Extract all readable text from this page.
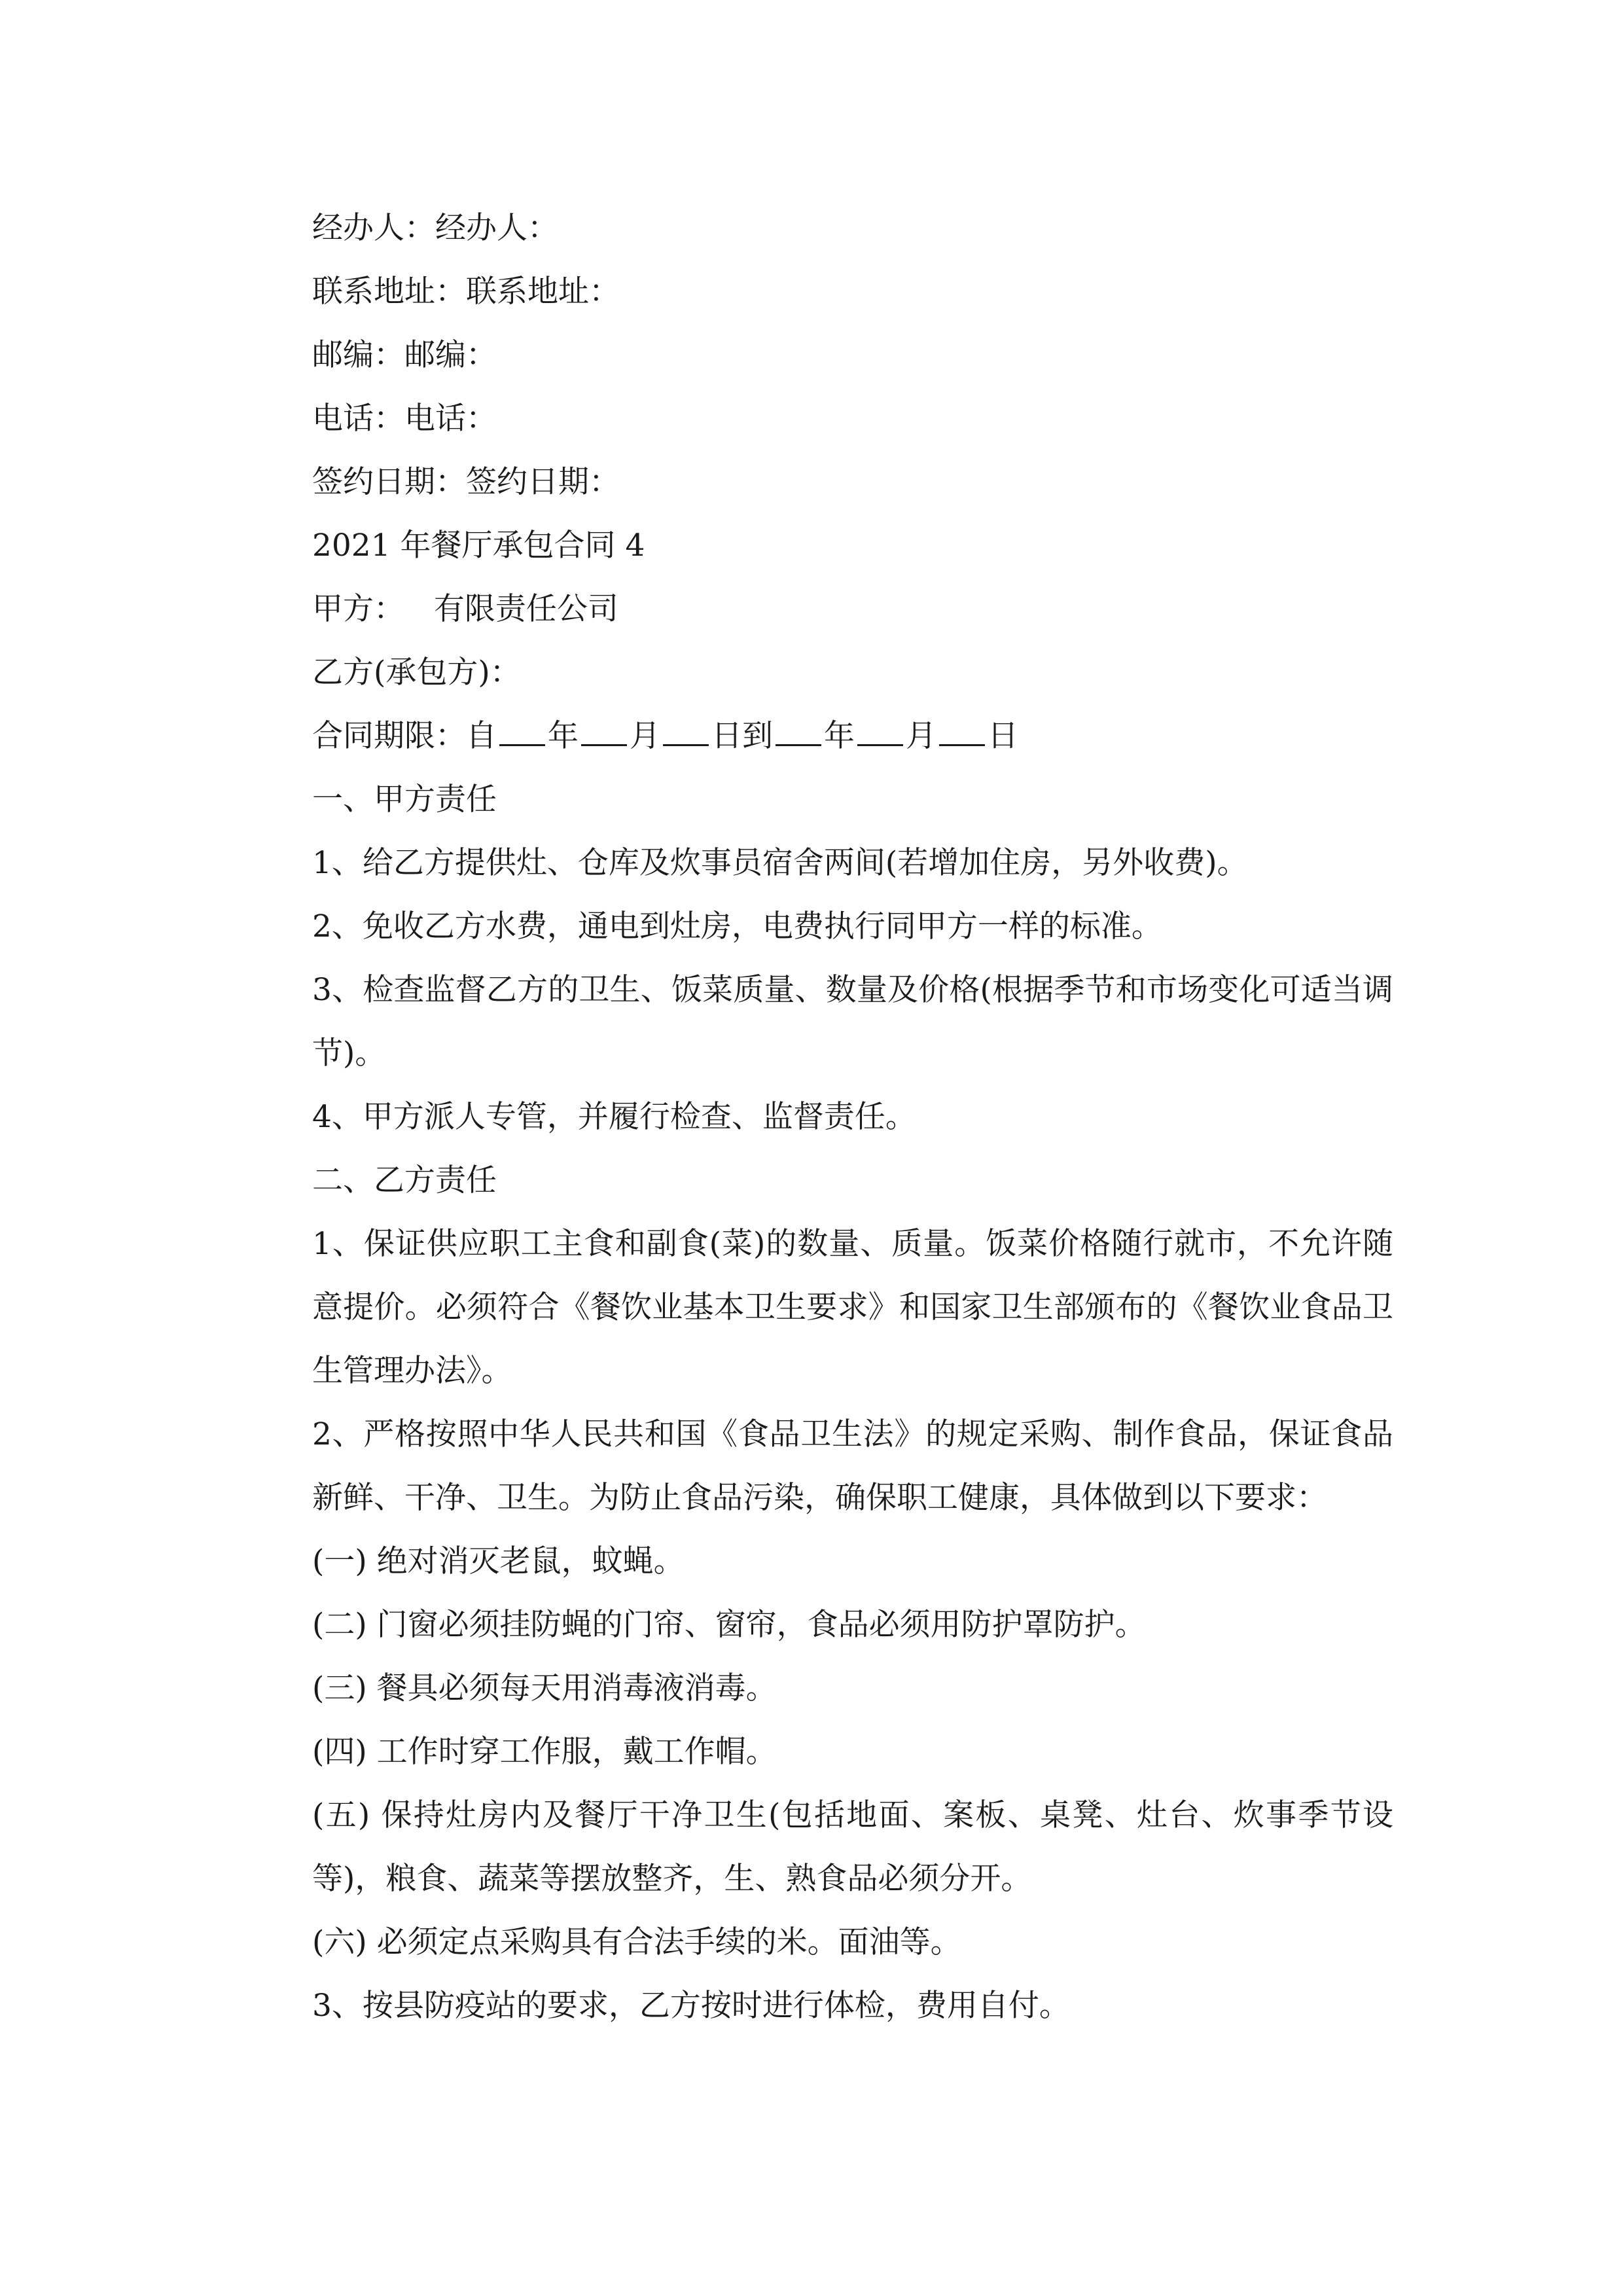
经办人：经办人：

联系地址：联系地址：

邮编：邮编：

电话：电话：

签约日期：签约日期：

2021 年餐厅承包合同 4

甲方：   有限责任公司

乙方(承包方)：

合同期限：自 年 月 日到 年 月 日

一、甲方责任

1、给乙方提供灶、仓库及炊事员宿舍两间(若增加住房，另外收费)。

2、免收乙方水费，通电到灶房，电费执行同甲方一样的标准。

3、检查监督乙方的卫生、饭菜质量、数量及价格(根据季节和市场变化可适当调节)。

4、甲方派人专管，并履行检查、监督责任。

二、乙方责任

1、保证供应职工主食和副食(菜)的数量、质量。饭菜价格随行就市，不允许随意提价。必须符合《餐饮业基本卫生要求》和国家卫生部颁布的《餐饮业食品卫生管理办法》。

2、严格按照中华人民共和国《食品卫生法》的规定采购、制作食品，保证食品新鲜、干净、卫生。为防止食品污染，确保职工健康，具体做到以下要求：

(一) 绝对消灭老鼠，蚊蝇。

(二) 门窗必须挂防蝇的门帘、窗帘，食品必须用防护罩防护。

(三) 餐具必须每天用消毒液消毒。

(四) 工作时穿工作服，戴工作帽。

(五) 保持灶房内及餐厅干净卫生(包括地面、案板、桌凳、灶台、炊事季节设等)，粮食、蔬菜等摆放整齐，生、熟食品必须分开。

(六) 必须定点采购具有合法手续的米。面油等。

3、按县防疫站的要求，乙方按时进行体检，费用自付。
